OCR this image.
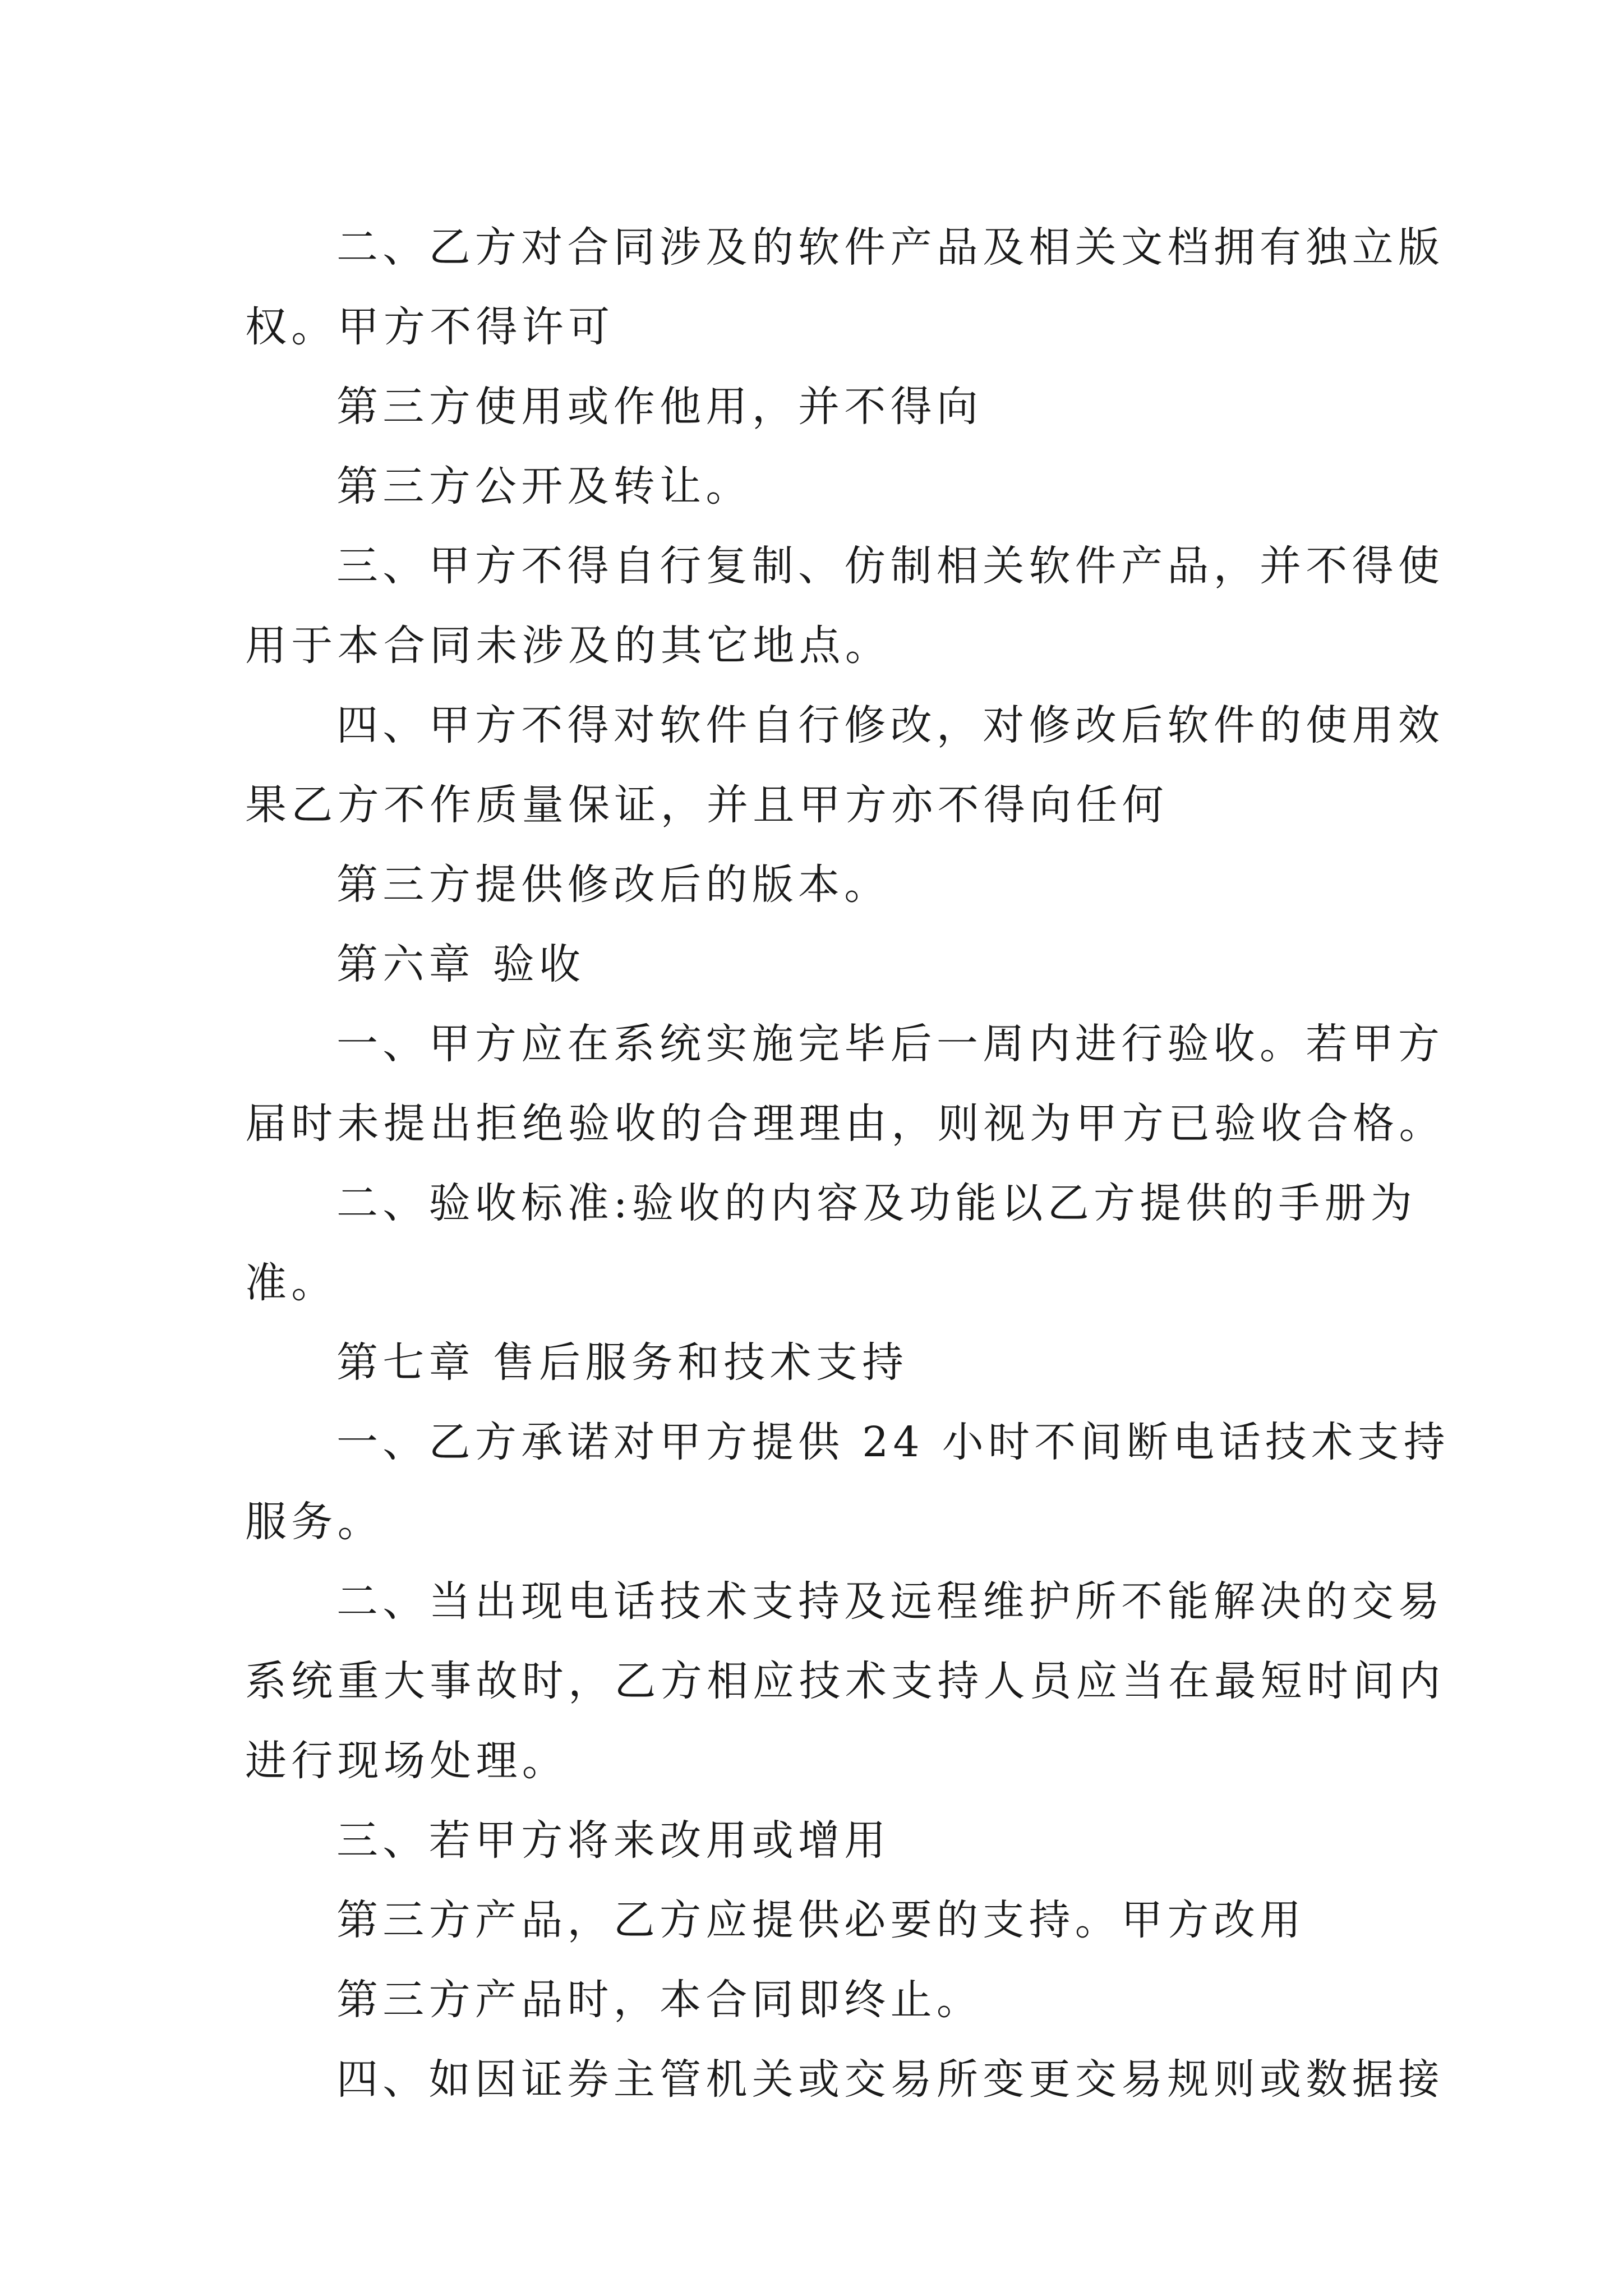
二、乙方对合同涉及的软件产品及相关文档拥有独立版
权。甲方不得许可
第三方使用或作他用，并不得向
第三方公开及转让。
三、甲方不得自行复制、仿制相关软件产品，并不得使
用于本合同未涉及的其它地点。
四、甲方不得对软件自行修改，对修改后软件的使用效
果乙方不作质量保证，并且甲方亦不得向任何
第三方提供修改后的版本。
第六章 验收
一、甲方应在系统实施完毕后一周内进行验收。若甲方
届时未提出拒绝验收的合理理由，则视为甲方已验收合格。
二、验收标准:验收的内容及功能以乙方提供的手册为
准。
第七章 售后服务和技术支持
一、乙方承诺对甲方提供 24 小时不间断电话技术支持
服务。
二、当出现电话技术支持及远程维护所不能解决的交易
系统重大事故时，乙方相应技术支持人员应当在最短时间内
进行现场处理。
三、若甲方将来改用或增用
第三方产品，乙方应提供必要的支持。甲方改用
第三方产品时，本合同即终止。
四、如因证券主管机关或交易所变更交易规则或数据接
